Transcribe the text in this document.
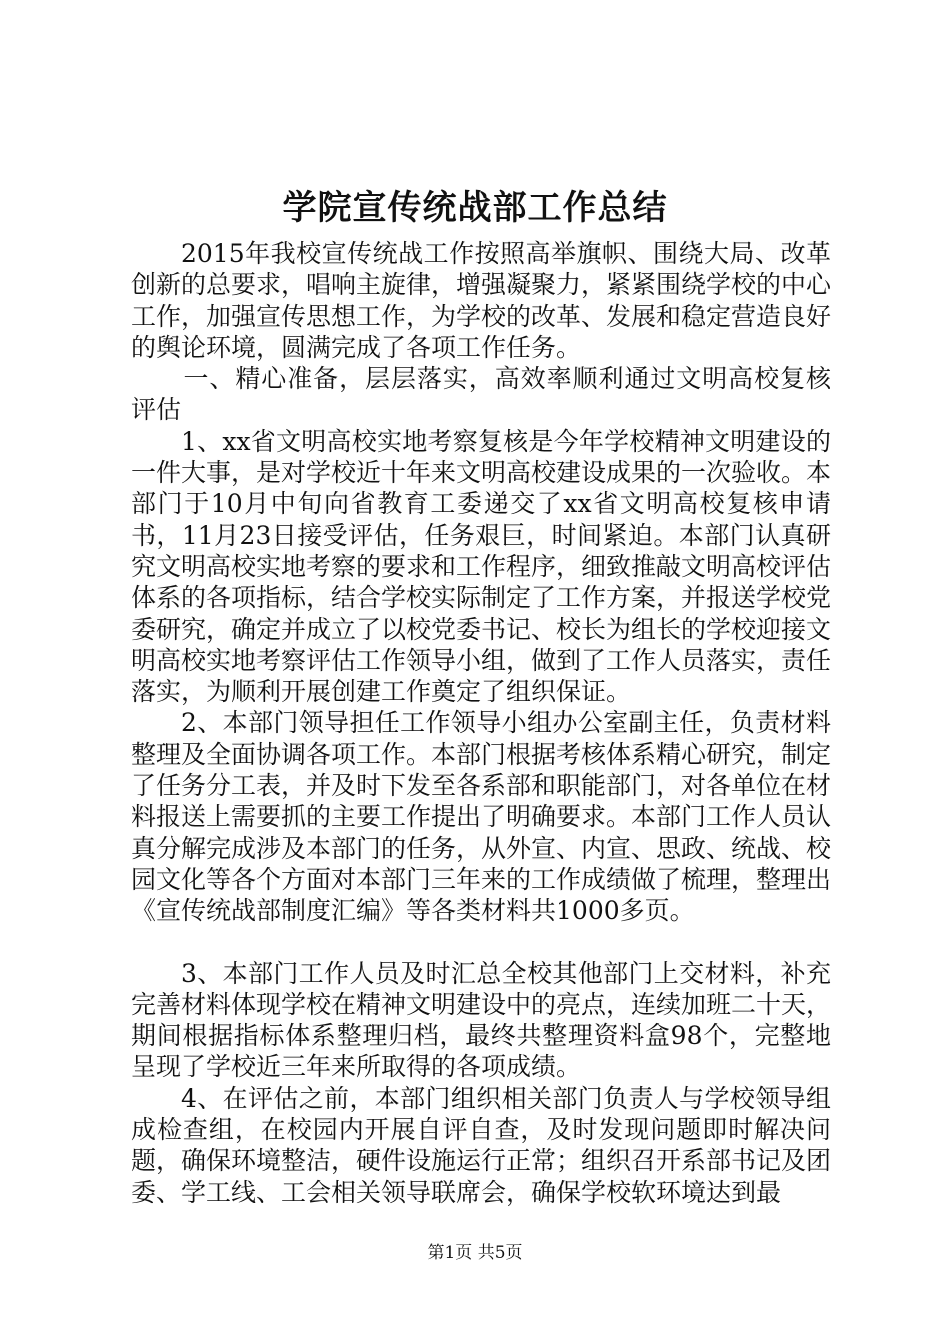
学院宣传统战部工作总结

2015年我校宣传统战工作按照高举旗帜、围绕大局、改革创新的总要求，唱响主旋律，增强凝聚力，紧紧围绕学校的中心工作，加强宣传思想工作，为学校的改革、发展和稳定营造良好的舆论环境，圆满完成了各项工作任务。

一、精心准备，层层落实，高效率顺利通过文明高校复核评估

1、xx省文明高校实地考察复核是今年学校精神文明建设的一件大事，是对学校近十年来文明高校建设成果的一次验收。本部门于10月中旬向省教育工委递交了xx省文明高校复核申请书，11月23日接受评估，任务艰巨，时间紧迫。本部门认真研究文明高校实地考察的要求和工作程序，细致推敲文明高校评估体系的各项指标，结合学校实际制定了工作方案，并报送学校党委研究，确定并成立了以校党委书记、校长为组长的学校迎接文明高校实地考察评估工作领导小组，做到了工作人员落实，责任落实，为顺利开展创建工作奠定了组织保证。

2、本部门领导担任工作领导小组办公室副主任，负责材料整理及全面协调各项工作。本部门根据考核体系精心研究，制定了任务分工表，并及时下发至各系部和职能部门，对各单位在材料报送上需要抓的主要工作提出了明确要求。本部门工作人员认真分解完成涉及本部门的任务，从外宣、内宣、思政、统战、校园文化等各个方面对本部门三年来的工作成绩做了梳理，整理出《宣传统战部制度汇编》等各类材料共1000多页。

3、本部门工作人员及时汇总全校其他部门上交材料，补充完善材料体现学校在精神文明建设中的亮点，连续加班二十天，期间根据指标体系整理归档，最终共整理资料盒98个，完整地呈现了学校近三年来所取得的各项成绩。

4、在评估之前，本部门组织相关部门负责人与学校领导组成检查组，在校园内开展自评自查，及时发现问题即时解决问题，确保环境整洁，硬件设施运行正常；组织召开系部书记及团委、学工线、工会相关领导联席会，确保学校软环境达到最

第1页 共5页
